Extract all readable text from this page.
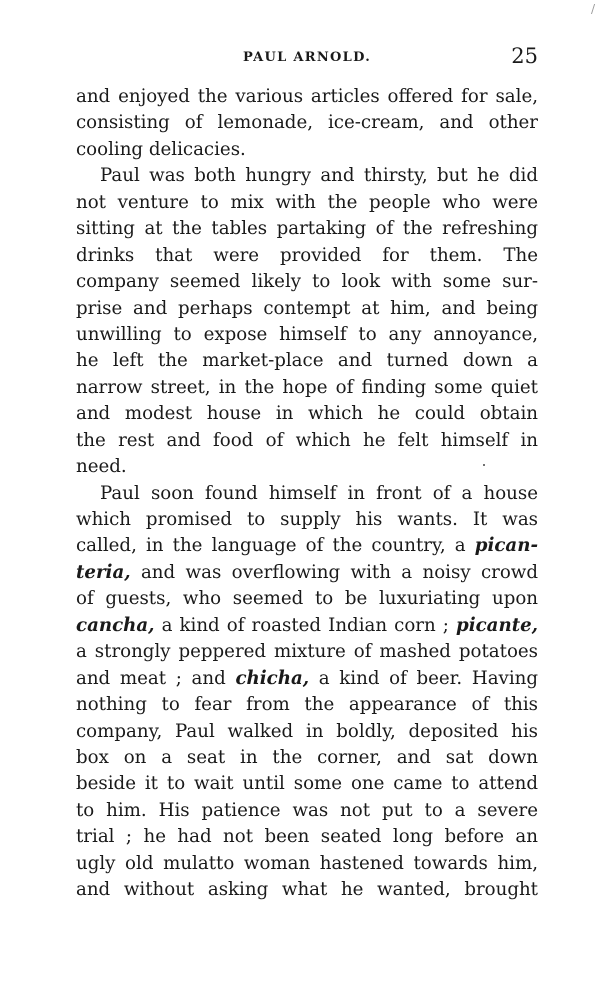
/
PAUL ARNOLD.	25
and enjoyed the various articles offered for sale,
consisting of lemonade, ice-cream, and other
cooling delicacies.
Paul was both hungry and thirsty, but he did
not venture to mix with the people who were
sitting at the tables partaking of the refreshing
drinks that were provided for them. The
company seemed likely to look with some sur-
prise and perhaps contempt at him, and being
unwilling to expose himself to any annoyance,
he left the market-place and turned down a
narrow street, in the hope of finding some quiet
and modest house in which he could obtain
the rest and food of which he felt himself in
need.
Paul soon found himself in front of a house
which promised to supply his wants. It was
called, in the language of the country, a pican-
teria, and was overflowing with a noisy crowd
of guests, who seemed to be luxuriating upon
cancha, a kind of roasted Indian corn ; picante,
a strongly peppered mixture of mashed potatoes
and meat ; and chicha, a kind of beer. Having
nothing to fear from the appearance of this
company, Paul walked in boldly, deposited his
box on a seat in the corner, and sat down
beside it to wait until some one came to attend
to him. His patience was not put to a severe
trial ; he had not been seated long before an
ugly old mulatto woman hastened towards him,
and without asking what he wanted, brought
